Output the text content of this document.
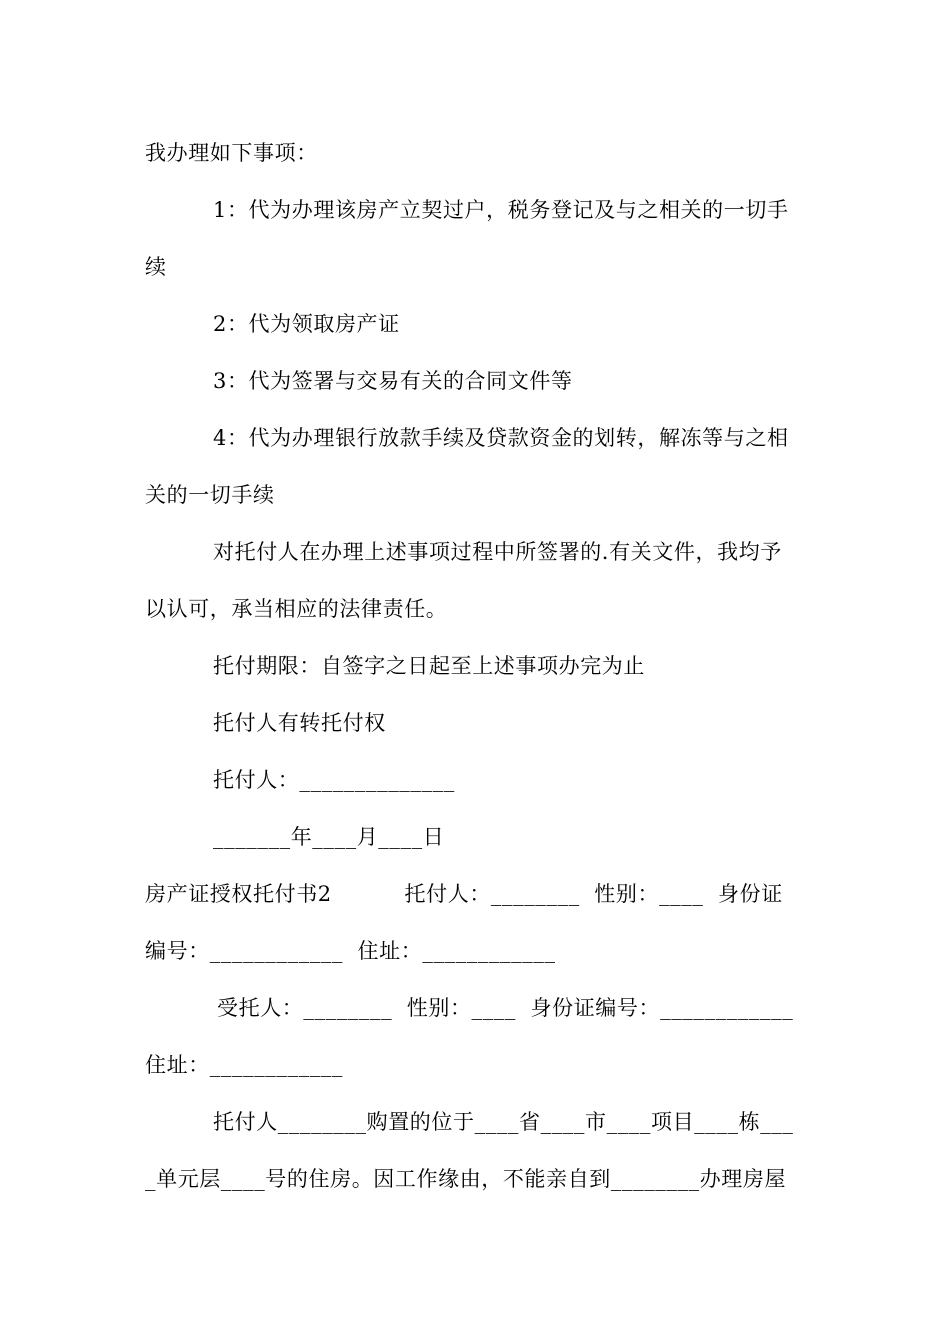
我办理如下事项：
1：代为办理该房产立契过户，税务登记及与之相关的一切手
续
2：代为领取房产证
3：代为签署与交易有关的合同文件等
4：代为办理银行放款手续及贷款资金的划转，解冻等与之相
关的一切手续
对托付人在办理上述事项过程中所签署的.有关文件，我均予
以认可，承当相应的法律责任。
托付期限：自签字之日起至上述事项办完为止
托付人有转托付权
托付人：______________
_______年____月____日
房产证授权托付书2          托付人：________  性别：____  身份证
编号：____________  住址：____________
受托人：________  性别：____  身份证编号：____________
住址：____________
托付人________购置的位于____省____市____项目____栋___
_单元层____号的住房。因工作缘由，不能亲自到________办理房屋
